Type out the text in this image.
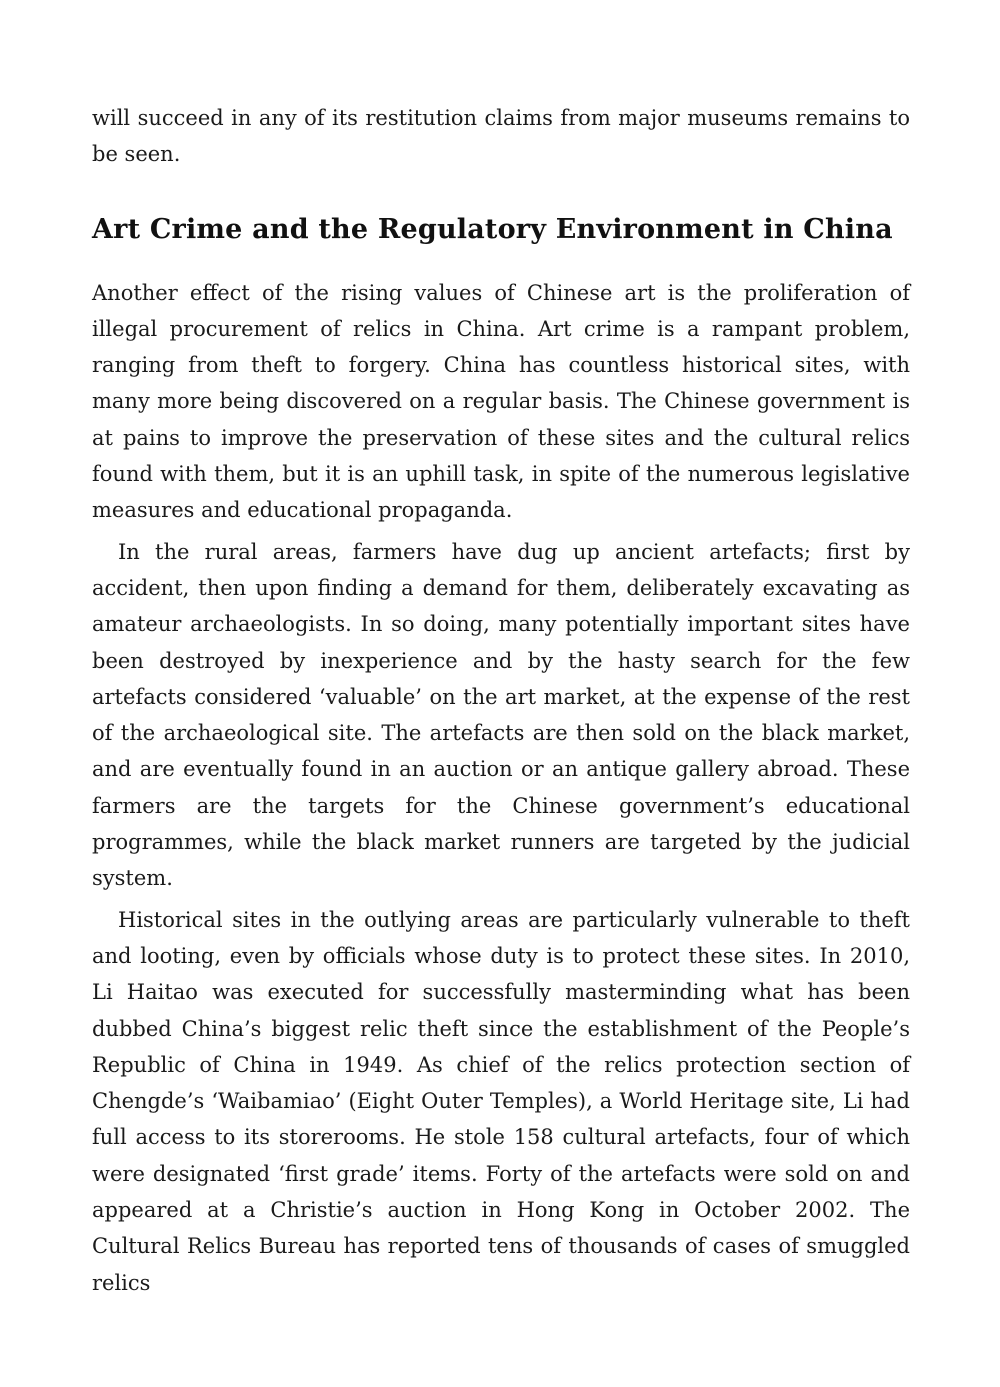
will succeed in any of its restitution claims from major museums remains to be seen.

Art Crime and the Regulatory Environment in China

Another effect of the rising values of Chinese art is the proliferation of illegal procurement of relics in China. Art crime is a rampant problem, ranging from theft to forgery. China has countless historical sites, with many more being discovered on a regular basis. The Chinese government is at pains to improve the preservation of these sites and the cultural relics found with them, but it is an uphill task, in spite of the numerous legislative measures and educational propaganda.

In the rural areas, farmers have dug up ancient artefacts; first by accident, then upon finding a demand for them, deliberately excavating as amateur archaeologists. In so doing, many potentially important sites have been destroyed by inexperience and by the hasty search for the few artefacts considered ‘valuable’ on the art market, at the expense of the rest of the archaeological site. The artefacts are then sold on the black market, and are eventually found in an auction or an antique gallery abroad. These farmers are the targets for the Chinese government’s educational programmes, while the black market runners are targeted by the judicial system.

Historical sites in the outlying areas are particularly vulnerable to theft and looting, even by officials whose duty is to protect these sites. In 2010, Li Haitao was executed for successfully masterminding what has been dubbed China’s biggest relic theft since the establishment of the People’s Republic of China in 1949. As chief of the relics protection section of Chengde’s ‘Waibamiao’ (Eight Outer Temples), a World Heritage site, Li had full access to its storerooms. He stole 158 cultural artefacts, four of which were designated ‘first grade’ items. Forty of the artefacts were sold on and appeared at a Christie’s auction in Hong Kong in October 2002. The Cultural Relics Bureau has reported tens of thousands of cases of smuggled relics
